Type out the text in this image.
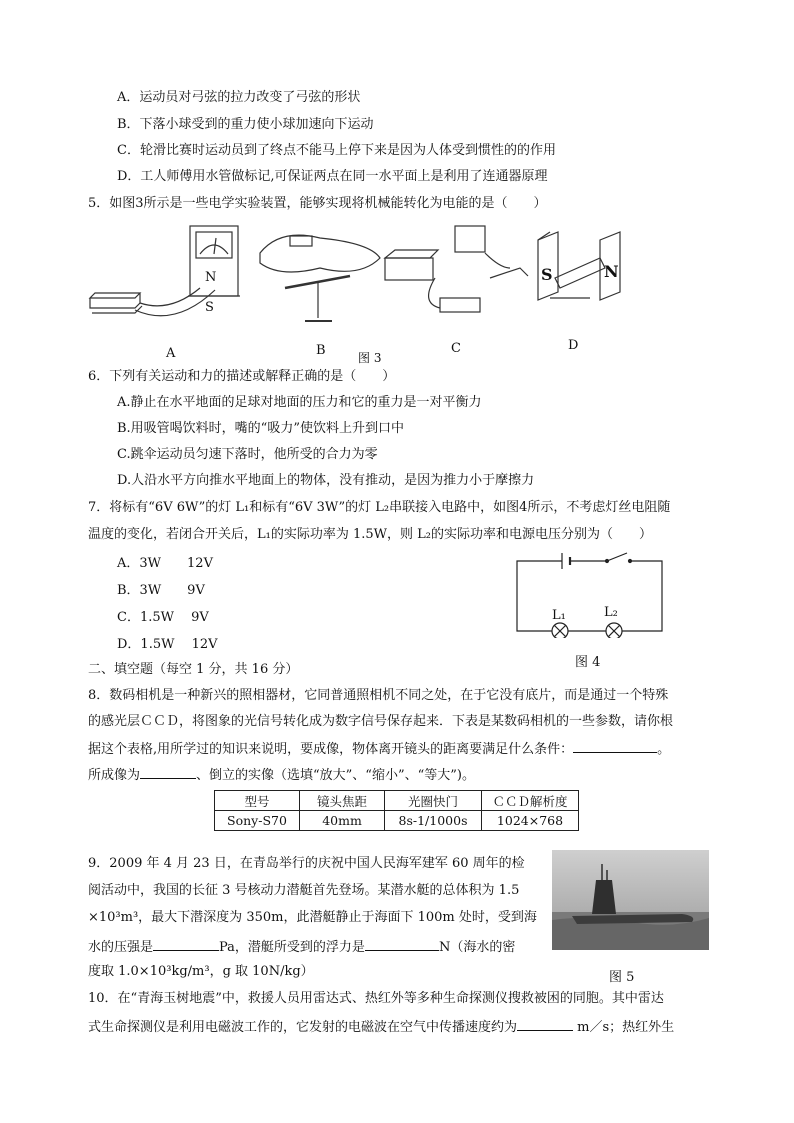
A．运动员对弓弦的拉力改变了弓弦的形状
B．下落小球受到的重力使小球加速向下运动
C．轮滑比赛时运动员到了终点不能马上停下来是因为人体受到惯性的的作用
D．工人师傅用水管做标记,可保证两点在同一水平面上是利用了连通器原理
5．如图3所示是一些电学实验装置，能够实现将机械能转化为电能的是（　　）
S
N	S	N
A	B	图 3
C	D
6．下列有关运动和力的描述或解释正确的是（　　）
A.静止在水平地面的足球对地面的压力和它的重力是一对平衡力
B.用吸管喝饮料时，嘴的“吸力”使饮料上升到口中
C.跳伞运动员匀速下落时，他所受的合力为零
D.人沿水平方向推水平地面上的物体，没有推动，是因为推力小于摩擦力
7．将标有“6V 6W”的灯 L₁和标有“6V 3W”的灯 L₂串联接入电路中，如图4所示，不考虑灯丝电阻随
温度的变化，若闭合开关后，L₁的实际功率为 1.5W，则 L₂的实际功率和电源电压分别为（　　）
A．3W　　12V
B．3W　　9V
C．1.5W　 9V
D．1.5W　 12V
L₁	L₂
图 4
二、填空题（每空 1 分，共 16 分）
8．数码相机是一种新兴的照相器材，它同普通照相机不同之处，在于它没有底片，而是通过一个特殊
的感光层ＣＣＤ，将图象的光信号转化成为数字信号保存起来．下表是某数码相机的一些参数，请你根
据这个表格,用所学过的知识来说明，要成像，物体离开镜头的距离要满足什么条件：	。
所成像为	、倒立的实像（选填“放大”、“缩小”、“等大”)。
型号	镜头焦距	光圈快门	ＣＣＤ解析度
Sony-S70	40mm	8s-1/1000s	1024×768
9．2009 年 4 月 23 日，在青岛举行的庆祝中国人民海军建军 60 周年的检
阅活动中，我国的长征 3 号核动力潜艇首先登场。某潜水艇的总体积为 1.5
×10³m³，最大下潜深度为 350m，此潜艇静止于海面下 100m 处时，受到海
水的压强是	Pa，潜艇所受到的浮力是	N（海水的密
度取 1.0×10³kg/m³，g 取 10N/kg）	图 5
10．在“青海玉树地震”中，救援人员用雷达式、热红外等多种生命探测仪搜救被困的同胞。其中雷达
式生命探测仪是利用电磁波工作的，它发射的电磁波在空气中传播速度约为	m／s；热红外生
